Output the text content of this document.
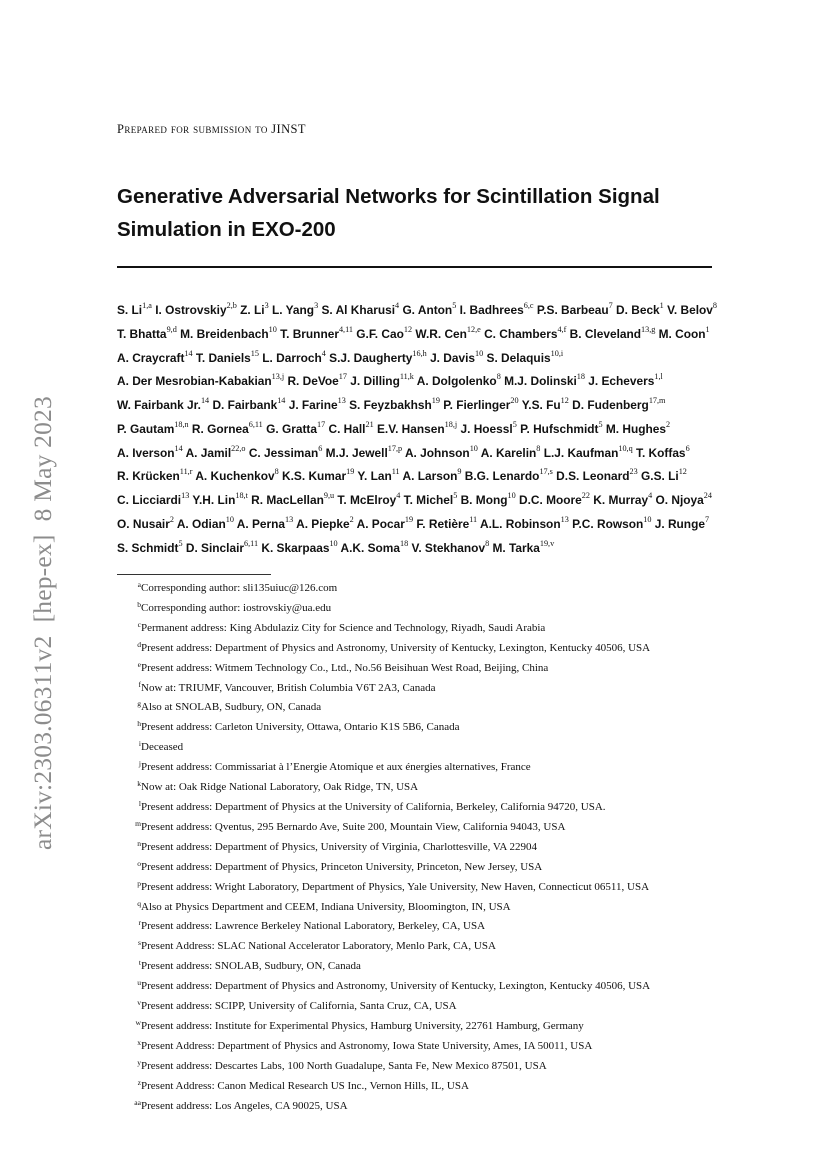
arXiv:2303.06311v2  [hep-ex]  8 May 2023
Prepared for submission to JINST
Generative Adversarial Networks for Scintillation Signal Simulation in EXO-200
S. Li$^{1,a}$ I. Ostrovskiy$^{2,b}$ Z. Li$^3$ L. Yang$^3$ S. Al Kharusi$^4$ G. Anton$^5$ I. Badhrees$^{6,c}$ P.S. Barbeau$^7$ D. Beck$^1$ V. Belov$^8$ T. Bhatta$^{9,d}$ M. Breidenbach$^{10}$ T. Brunner$^{4,11}$ G.F. Cao$^{12}$ W.R. Cen$^{12,e}$ C. Chambers$^{4,f}$ B. Cleveland$^{13,g}$ M. Coon$^1$ A. Craycraft$^{14}$ T. Daniels$^{15}$ L. Darroch$^4$ S.J. Daugherty$^{16,h}$ J. Davis$^{10}$ S. Delaquis$^{10,i}$ A. Der Mesrobian-Kabakian$^{13,j}$ R. DeVoe$^{17}$ J. Dilling$^{11,k}$ A. Dolgolenko$^8$ M.J. Dolinski$^{18}$ J. Echevers$^{1,l}$ W. Fairbank Jr.$^{14}$ D. Fairbank$^{14}$ J. Farine$^{13}$ S. Feyzbakhsh$^{19}$ P. Fierlinger$^{20}$ Y.S. Fu$^{12}$ D. Fudenberg$^{17,m}$ P. Gautam$^{18,n}$ R. Gornea$^{6,11}$ G. Gratta$^{17}$ C. Hall$^{21}$ E.V. Hansen$^{18,j}$ J. Hoessl$^5$ P. Hufschmidt$^5$ M. Hughes$^2$ A. Iverson$^{14}$ A. Jamil$^{22,o}$ C. Jessiman$^6$ M.J. Jewell$^{17,p}$ A. Johnson$^{10}$ A. Karelin$^8$ L.J. Kaufman$^{10,q}$ T. Koffas$^6$ R. Krücken$^{11,r}$ A. Kuchenkov$^8$ K.S. Kumar$^{19}$ Y. Lan$^{11}$ A. Larson$^9$ B.G. Lenardo$^{17,s}$ D.S. Leonard$^{23}$ G.S. Li$^{12}$ C. Licciardi$^{13}$ Y.H. Lin$^{18,t}$ R. MacLellan$^{9,u}$ T. McElroy$^4$ T. Michel$^5$ B. Mong$^{10}$ D.C. Moore$^{22}$ K. Murray$^4$ O. Njoya$^{24}$ O. Nusair$^2$ A. Odian$^{10}$ A. Perna$^{13}$ A. Piepke$^2$ A. Pocar$^{19}$ F. Retière$^{11}$ A.L. Robinson$^{13}$ P.C. Rowson$^{10}$ J. Runge$^7$ S. Schmidt$^5$ D. Sinclair$^{6,11}$ K. Skarpaas$^{10}$ A.K. Soma$^{18}$ V. Stekhanov$^8$ M. Tarka$^{19,v}$
aCorresponding author: sli135uiuc@126.com
bCorresponding author: iostrovskiy@ua.edu
cPermanent address: King Abdulaziz City for Science and Technology, Riyadh, Saudi Arabia
dPresent address: Department of Physics and Astronomy, University of Kentucky, Lexington, Kentucky 40506, USA
ePresent address: Witmem Technology Co., Ltd., No.56 Beisihuan West Road, Beijing, China
fNow at: TRIUMF, Vancouver, British Columbia V6T 2A3, Canada
gAlso at SNOLAB, Sudbury, ON, Canada
hPresent address: Carleton University, Ottawa, Ontario K1S 5B6, Canada
iDeceased
jPresent address: Commissariat à l’Energie Atomique et aux énergies alternatives, France
kNow at: Oak Ridge National Laboratory, Oak Ridge, TN, USA
lPresent address: Department of Physics at the University of California, Berkeley, California 94720, USA.
mPresent address: Qventus, 295 Bernardo Ave, Suite 200, Mountain View, California 94043, USA
nPresent address: Department of Physics, University of Virginia, Charlottesville, VA 22904
oPresent address: Department of Physics, Princeton University, Princeton, New Jersey, USA
pPresent address: Wright Laboratory, Department of Physics, Yale University, New Haven, Connecticut 06511, USA
qAlso at Physics Department and CEEM, Indiana University, Bloomington, IN, USA
rPresent address: Lawrence Berkeley National Laboratory, Berkeley, CA, USA
sPresent Address: SLAC National Accelerator Laboratory, Menlo Park, CA, USA
tPresent address: SNOLAB, Sudbury, ON, Canada
uPresent address: Department of Physics and Astronomy, University of Kentucky, Lexington, Kentucky 40506, USA
vPresent address: SCIPP, University of California, Santa Cruz, CA, USA
wPresent address: Institute for Experimental Physics, Hamburg University, 22761 Hamburg, Germany
xPresent Address: Department of Physics and Astronomy, Iowa State University, Ames, IA 50011, USA
yPresent address: Descartes Labs, 100 North Guadalupe, Santa Fe, New Mexico 87501, USA
zPresent Address: Canon Medical Research US Inc., Vernon Hills, IL, USA
aaPresent address: Los Angeles, CA 90025, USA
